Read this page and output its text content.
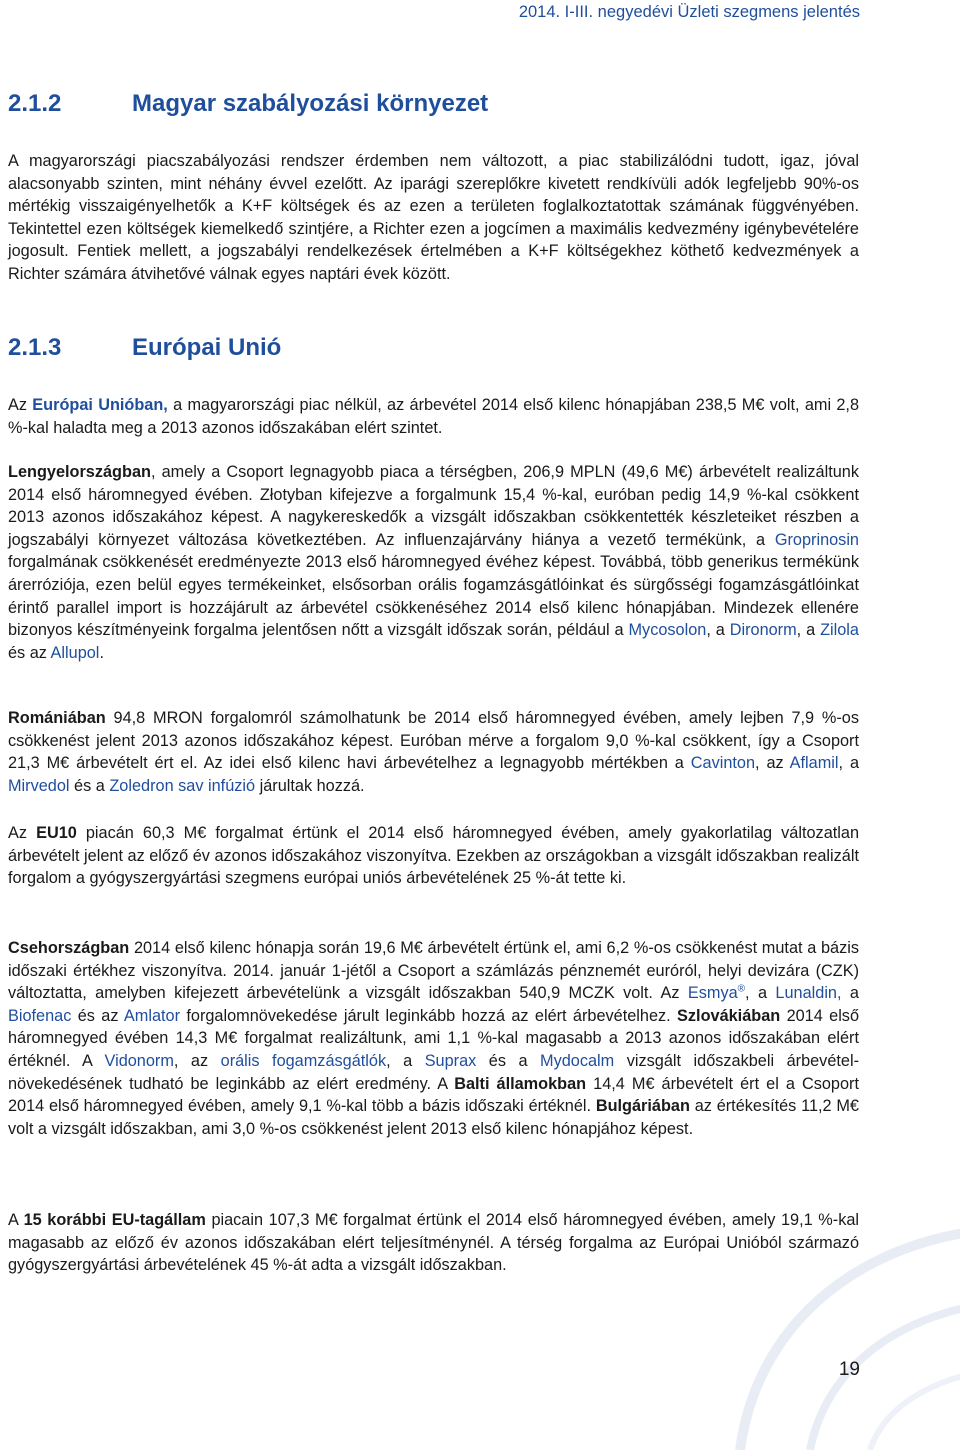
2014. I-III. negyedévi Üzleti szegmens jelentés
2.1.2	Magyar szabályozási környezet

A magyarországi piacszabályozási rendszer érdemben nem változott, a piac stabilizálódni tudott, igaz, jóval alacsonyabb szinten, mint néhány évvel ezelőtt. Az iparági szereplőkre kivetett rendkívüli adók legfeljebb 90%-os mértékig visszaigényelhetők a K+F költségek és az ezen a területen foglalkoztatottak számának függvényében. Tekintettel ezen költségek kiemelkedő szintjére, a Richter ezen a jogcímen a maximális kedvezmény igénybevételére jogosult. Fentiek mellett, a jogszabályi rendelkezések értelmében a K+F költségekhez köthető kedvezmények a Richter számára átvihetővé válnak egyes naptári évek között.

2.1.3	Európai Unió

Az Európai Unióban, a magyarországi piac nélkül, az árbevétel 2014 első kilenc hónapjában 238,5 M€ volt, ami 2,8 %-kal haladta meg a 2013 azonos időszakában elért szintet.

Lengyelországban, amely a Csoport legnagyobb piaca a térségben, 206,9 MPLN (49,6 M€) árbevételt realizáltunk 2014 első háromnegyed évében. Złotyban kifejezve a forgalmunk 15,4 %-kal, euróban pedig 14,9 %-kal csökkent 2013 azonos időszakához képest. A nagykereskedők a vizsgált időszakban csökkentették készleteiket részben a jogszabályi környezet változása következtében. Az influenzajárvány hiánya a vezető termékünk, a Groprinosin forgalmának csökkenését eredményezte 2013 első háromnegyed évéhez képest. Továbbá, több generikus termékünk árerróziója, ezen belül egyes termékeinket, elsősorban orális fogamzásgátlóinkat és sürgősségi fogamzásgátlóinkat érintő parallel import is hozzájárult az árbevétel csökkenéséhez 2014 első kilenc hónapjában. Mindezek ellenére bizonyos készítményeink forgalma jelentősen nőtt a vizsgált időszak során, például a Mycosolon, a Dironorm, a Zilola és az Allupol.

Romániában 94,8 MRON forgalomról számolhatunk be 2014 első háromnegyed évében, amely lejben 7,9 %-os csökkenést jelent 2013 azonos időszakához képest. Euróban mérve a forgalom 9,0 %-kal csökkent, így a Csoport 21,3 M€ árbevételt ért el. Az idei első kilenc havi árbevételhez a legnagyobb mértékben a Cavinton, az Aflamil, a Mirvedol és a Zoledron sav infúzió járultak hozzá.

Az EU10 piacán 60,3 M€ forgalmat értünk el 2014 első háromnegyed évében, amely gyakorlatilag változatlan árbevételt jelent az előző év azonos időszakához viszonyítva. Ezekben az országokban a vizsgált időszakban realizált forgalom a gyógyszergyártási szegmens európai uniós árbevételének 25 %-át tette ki.

Csehországban 2014 első kilenc hónapja során 19,6 M€ árbevételt értünk el, ami 6,2 %-os csökkenést mutat a bázis időszaki értékhez viszonyítva. 2014. január 1-jétől a Csoport a számlázás pénznemét euróról, helyi devizára (CZK) változtatta, amelyben kifejezett árbevételünk a vizsgált időszakban 540,9 MCZK volt. Az Esmya®, a Lunaldin, a Biofenac és az Amlator forgalomnövekedése járult leginkább hozzá az elért árbevételhez. Szlovákiában 2014 első háromnegyed évében 14,3 M€ forgalmat realizáltunk, ami 1,1 %-kal magasabb a 2013 azonos időszakában elért értéknél. A Vidonorm, az orális fogamzásgátlók, a Suprax és a Mydocalm vizsgált időszakbeli árbevétel-növekedésének tudható be leginkább az elért eredmény. A Balti államokban 14,4 M€ árbevételt ért el a Csoport 2014 első háromnegyed évében, amely 9,1 %-kal több a bázis időszaki értéknél. Bulgáriában az értékesítés 11,2 M€ volt a vizsgált időszakban, ami 3,0 %-os csökkenést jelent 2013 első kilenc hónapjához képest.

A 15 korábbi EU-tagállam piacain 107,3 M€ forgalmat értünk el 2014 első háromnegyed évében, amely 19,1 %-kal magasabb az előző év azonos időszakában elért teljesítménynél. A térség forgalma az Európai Unióból származó gyógyszergyártási árbevételének 45 %-át adta a vizsgált időszakban.

19
